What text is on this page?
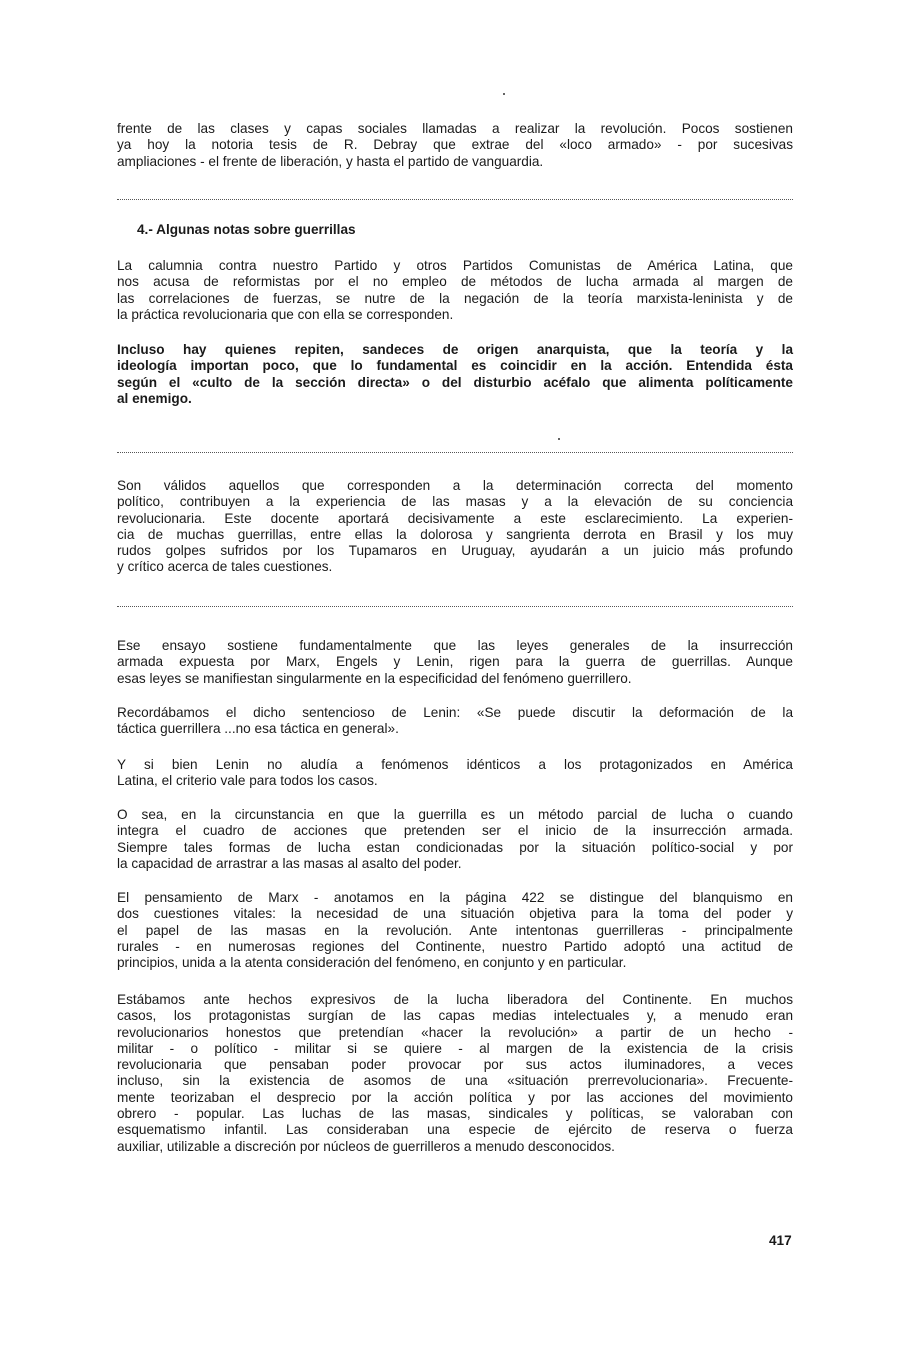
frente de las clases y capas sociales llamadas a realizar la revolución. Pocos sostienen
ya hoy la notoria tesis de R. Debray que extrae del «loco armado» - por sucesivas
ampliaciones - el frente de liberación, y hasta el partido de vanguardia.
4.- Algunas notas sobre guerrillas
La calumnia contra nuestro Partido y otros Partidos Comunistas de América Latina, que
nos acusa de reformistas por el no empleo de métodos de lucha armada al margen de
las correlaciones de fuerzas, se nutre de la negación de la teoría marxista-leninista y de
la práctica revolucionaria que con ella se corresponden.
Incluso hay quienes repiten, sandeces de origen anarquista, que la teoría y la
ideología importan poco, que lo fundamental es coincidir en la acción. Entendida ésta
según el «culto de la sección directa» o del disturbio acéfalo que alimenta políticamente
al enemigo.
Son válidos aquellos que corresponden a la determinación correcta del momento
político, contribuyen a la experiencia de las masas y a la elevación de su conciencia
revolucionaria. Este docente aportará decisivamente a este esclarecimiento. La experien-
cia de muchas guerrillas, entre ellas la dolorosa y sangrienta derrota en Brasil y los muy
rudos golpes sufridos por los Tupamaros en Uruguay, ayudarán a un juicio más profundo
y crítico acerca de tales cuestiones.
Ese ensayo sostiene fundamentalmente que las leyes generales de la insurrección
armada expuesta por Marx, Engels y Lenin, rigen para la guerra de guerrillas. Aunque
esas leyes se manifiestan singularmente en la especificidad del fenómeno guerrillero.
Recordábamos el dicho sentencioso de Lenin: «Se puede discutir la deformación de la
táctica guerrillera ...no esa táctica en general».
Y si bien Lenin no aludía a fenómenos idénticos a los protagonizados en América
Latina, el criterio vale para todos los casos.
O sea, en la circunstancia en que la guerrilla es un método parcial de lucha o cuando
integra el cuadro de acciones que pretenden ser el inicio de la insurrección armada.
Siempre tales formas de lucha estan condicionadas por la situación político-social y por
la capacidad de arrastrar a las masas al asalto del poder.
El pensamiento de Marx - anotamos en la página 422 se distingue del blanquismo en
dos cuestiones vitales: la necesidad de una situación objetiva para la toma del poder y
el papel de las masas en la revolución. Ante intentonas guerrilleras - principalmente
rurales - en numerosas regiones del Continente, nuestro Partido adoptó una actitud de
principios, unida a la atenta consideración del fenómeno, en conjunto y en particular.
Estábamos ante hechos expresivos de la lucha liberadora del Continente. En muchos
casos, los protagonistas surgían de las capas medias intelectuales y, a menudo eran
revolucionarios honestos que pretendían «hacer la revolución» a partir de un hecho -
militar - o político - militar si se quiere - al margen de la existencia de la crisis
revolucionaria que pensaban poder provocar por sus actos iluminadores, a veces
incluso, sin la existencia de asomos de una «situación prerrevolucionaria». Frecuente-
mente teorizaban el desprecio por la acción política y por las acciones del movimiento
obrero - popular. Las luchas de las masas, sindicales y políticas, se valoraban con
esquematismo infantil. Las consideraban una especie de ejército de reserva o fuerza
auxiliar, utilizable a discreción por núcleos de guerrilleros a menudo desconocidos.
417
